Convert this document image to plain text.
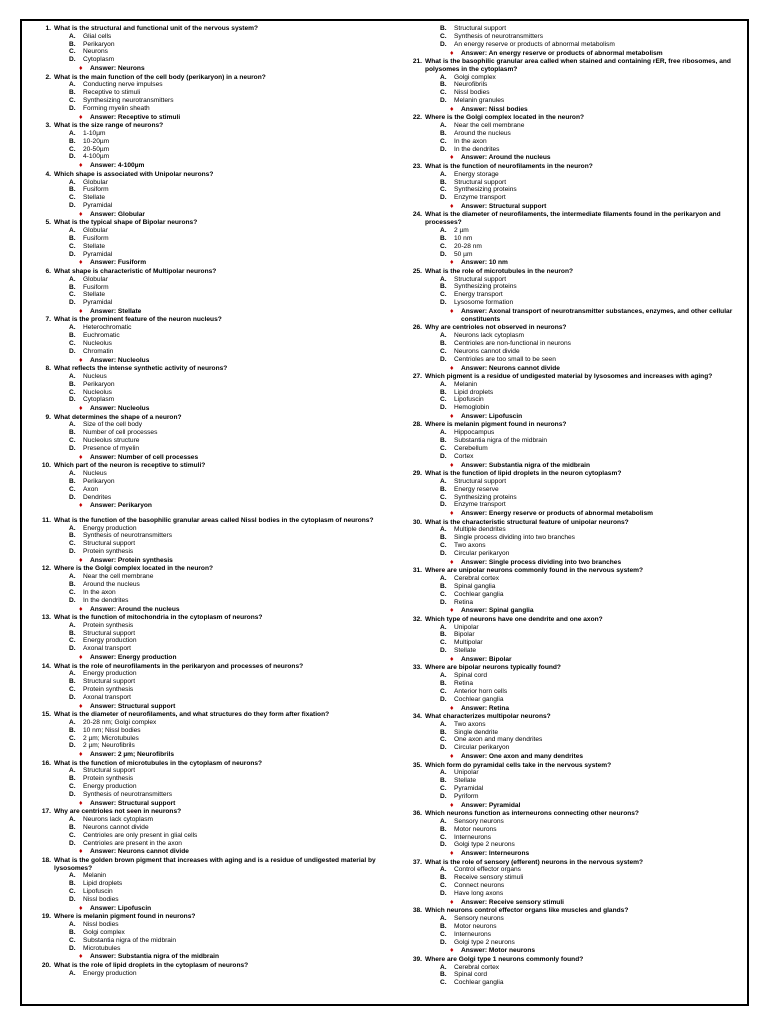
1 . What is the structural and functional unit of the nervous system?
A . Glial cells
B . Perikaryon
C . Neurons
D . Cytoplasm
♦ Answer: Neurons
2 . What is the main function of the cell body (perikaryon) in a neuron?
A . Conducting nerve impulses
B . Receptive to stimuli
C . Synthesizing neurotransmitters
D . Forming myelin sheath
♦ Answer: Receptive to stimuli
3 . What is the size range of neurons?
A . 1-10µm
B . 10-20µm
C . 20-50µm
D . 4-100µm
♦ Answer: 4-100µm
4 . Which shape is associated with Unipolar neurons?
A . Globular
B . Fusiform
C . Stellate
D . Pyramidal
♦ Answer: Globular
5 . What is the typical shape of Bipolar neurons?
A . Globular
B . Fusiform
C . Stellate
D . Pyramidal
♦ Answer: Fusiform
6 . What shape is characteristic of Multipolar neurons?
A . Globular
B . Fusiform
C . Stellate
D . Pyramidal
♦ Answer: Stellate
7 . What is the prominent feature of the neuron nucleus?
A . Heterochromatic
B . Euchromatic
C . Nucleolus
D . Chromatin
♦ Answer: Nucleolus
8 . What reflects the intense synthetic activity of neurons?
A . Nucleus
B . Perikaryon
C . Nucleolus
D . Cytoplasm
♦ Answer: Nucleolus
9 . What determines the shape of a neuron?
A . Size of the cell body
B . Number of cell processes
C . Nucleolus structure
D . Presence of myelin
♦ Answer: Number of cell processes
10 . Which part of the neuron is receptive to stimuli?
A . Nucleus
B . Perikaryon
C . Axon
D . Dendrites
♦ Answer: Perikaryon
11 . What is the function of the basophilic granular areas called Nissl bodies in the cytoplasm of neurons?
A . Energy production
B . Synthesis of neurotransmitters
C . Structural support
D . Protein synthesis
♦ Answer: Protein synthesis
12 . Where is the Golgi complex located in the neuron?
A . Near the cell membrane
B . Around the nucleus
C . In the axon
D . In the dendrites
♦ Answer: Around the nucleus
13 . What is the function of mitochondria in the cytoplasm of neurons?
A . Protein synthesis
B . Structural support
C . Energy production
D . Axonal transport
♦ Answer: Energy production
14 . What is the role of neurofilaments in the perikaryon and processes of neurons?
A . Energy production
B . Structural support
C . Protein synthesis
D . Axonal transport
♦ Answer: Structural support
15 . What is the diameter of neurofilaments, and what structures do they form after fixation?
A . 20-28 nm; Golgi complex
B . 10 nm; Nissl bodies
C . 2 µm; Microtubules
D . 2 µm; Neurofibrils
♦ Answer: 2 µm; Neurofibrils
16 . What is the function of microtubules in the cytoplasm of neurons?
A . Structural support
B . Protein synthesis
C . Energy production
D . Synthesis of neurotransmitters
♦ Answer: Structural support
17 . Why are centrioles not seen in neurons?
A . Neurons lack cytoplasm
B . Neurons cannot divide
C . Centrioles are only present in glial cells
D . Centrioles are present in the axon
♦ Answer: Neurons cannot divide
18 . What is the golden brown pigment that increases with aging and is a residue of undigested material by lysosomes?
A . Melanin
B . Lipid droplets
C . Lipofuscin
D . Nissl bodies
♦ Answer: Lipofuscin
19 . Where is melanin pigment found in neurons?
A . Nissl bodies
B . Golgi complex
C . Substantia nigra of the midbrain
D . Microtubules
♦ Answer: Substantia nigra of the midbrain
20 . What is the role of lipid droplets in the cytoplasm of neurons?
A . Energy production
B . Structural support
C . Synthesis of neurotransmitters
D . An energy reserve or products of abnormal metabolism
♦ Answer: An energy reserve or products of abnormal metabolism
21 . What is the basophilic granular area called when stained and containing rER, free ribosomes, and polysomes in the cytoplasm?
A . Golgi complex
B . Neurofibrils
C . Nissl bodies
D . Melanin granules
♦ Answer: Nissl bodies
22 . Where is the Golgi complex located in the neuron?
A . Near the cell membrane
B . Around the nucleus
C . In the axon
D . In the dendrites
♦ Answer: Around the nucleus
23 . What is the function of neurofilaments in the neuron?
A . Energy storage
B . Structural support
C . Synthesizing proteins
D . Enzyme transport
♦ Answer: Structural support
24 . What is the diameter of neurofilaments, the intermediate filaments found in the perikaryon and processes?
A . 2 µm
B . 10 nm
C . 20-28 nm
D . 50 µm
♦ Answer: 10 nm
25 . What is the role of microtubules in the neuron?
A . Structural support
B . Synthesizing proteins
C . Energy transport
D . Lysosome formation
♦ Answer: Axonal transport of neurotransmitter substances, enzymes, and other cellular constituents
26 . Why are centrioles not observed in neurons?
A . Neurons lack cytoplasm
B . Centrioles are non-functional in neurons
C . Neurons cannot divide
D . Centrioles are too small to be seen
♦ Answer: Neurons cannot divide
27 . Which pigment is a residue of undigested material by lysosomes and increases with aging?
A . Melanin
B . Lipid droplets
C . Lipofuscin
D . Hemoglobin
♦ Answer: Lipofuscin
28 . Where is melanin pigment found in neurons?
A . Hippocampus
B . Substantia nigra of the midbrain
C . Cerebellum
D . Cortex
♦ Answer: Substantia nigra of the midbrain
29 . What is the function of lipid droplets in the neuron cytoplasm?
A . Structural support
B . Energy reserve
C . Synthesizing proteins
D . Enzyme transport
♦ Answer: Energy reserve or products of abnormal metabolism
30 . What is the characteristic structural feature of unipolar neurons?
A . Multiple dendrites
B . Single process dividing into two branches
C . Two axons
D . Circular perikaryon
♦ Answer: Single process dividing into two branches
31 . Where are unipolar neurons commonly found in the nervous system?
A . Cerebral cortex
B . Spinal ganglia
C . Cochlear ganglia
D . Retina
♦ Answer: Spinal ganglia
32 . Which type of neurons have one dendrite and one axon?
A . Unipolar
B . Bipolar
C . Multipolar
D . Stellate
♦ Answer: Bipolar
33 . Where are bipolar neurons typically found?
A . Spinal cord
B . Retina
C . Anterior horn cells
D . Cochlear ganglia
♦ Answer: Retina
34 . What characterizes multipolar neurons?
A . Two axons
B . Single dendrite
C . One axon and many dendrites
D . Circular perikaryon
♦ Answer: One axon and many dendrites
35 . Which form do pyramidal cells take in the nervous system?
A . Unipolar
B . Stellate
C . Pyramidal
D . Pyriform
♦ Answer: Pyramidal
36 . Which neurons function as interneurons connecting other neurons?
A . Sensory neurons
B . Motor neurons
C . Interneurons
D . Golgi type 2 neurons
♦ Answer: Interneurons
37 . What is the role of sensory (efferent) neurons in the nervous system?
A . Control effector organs
B . Receive sensory stimuli
C . Connect neurons
D . Have long axons
♦ Answer: Receive sensory stimuli
38 . Which neurons control effector organs like muscles and glands?
A . Sensory neurons
B . Motor neurons
C . Interneurons
D . Golgi type 2 neurons
♦ Answer: Motor neurons
39 . Where are Golgi type 1 neurons commonly found?
A . Cerebral cortex
B . Spinal cord
C . Cochlear ganglia
